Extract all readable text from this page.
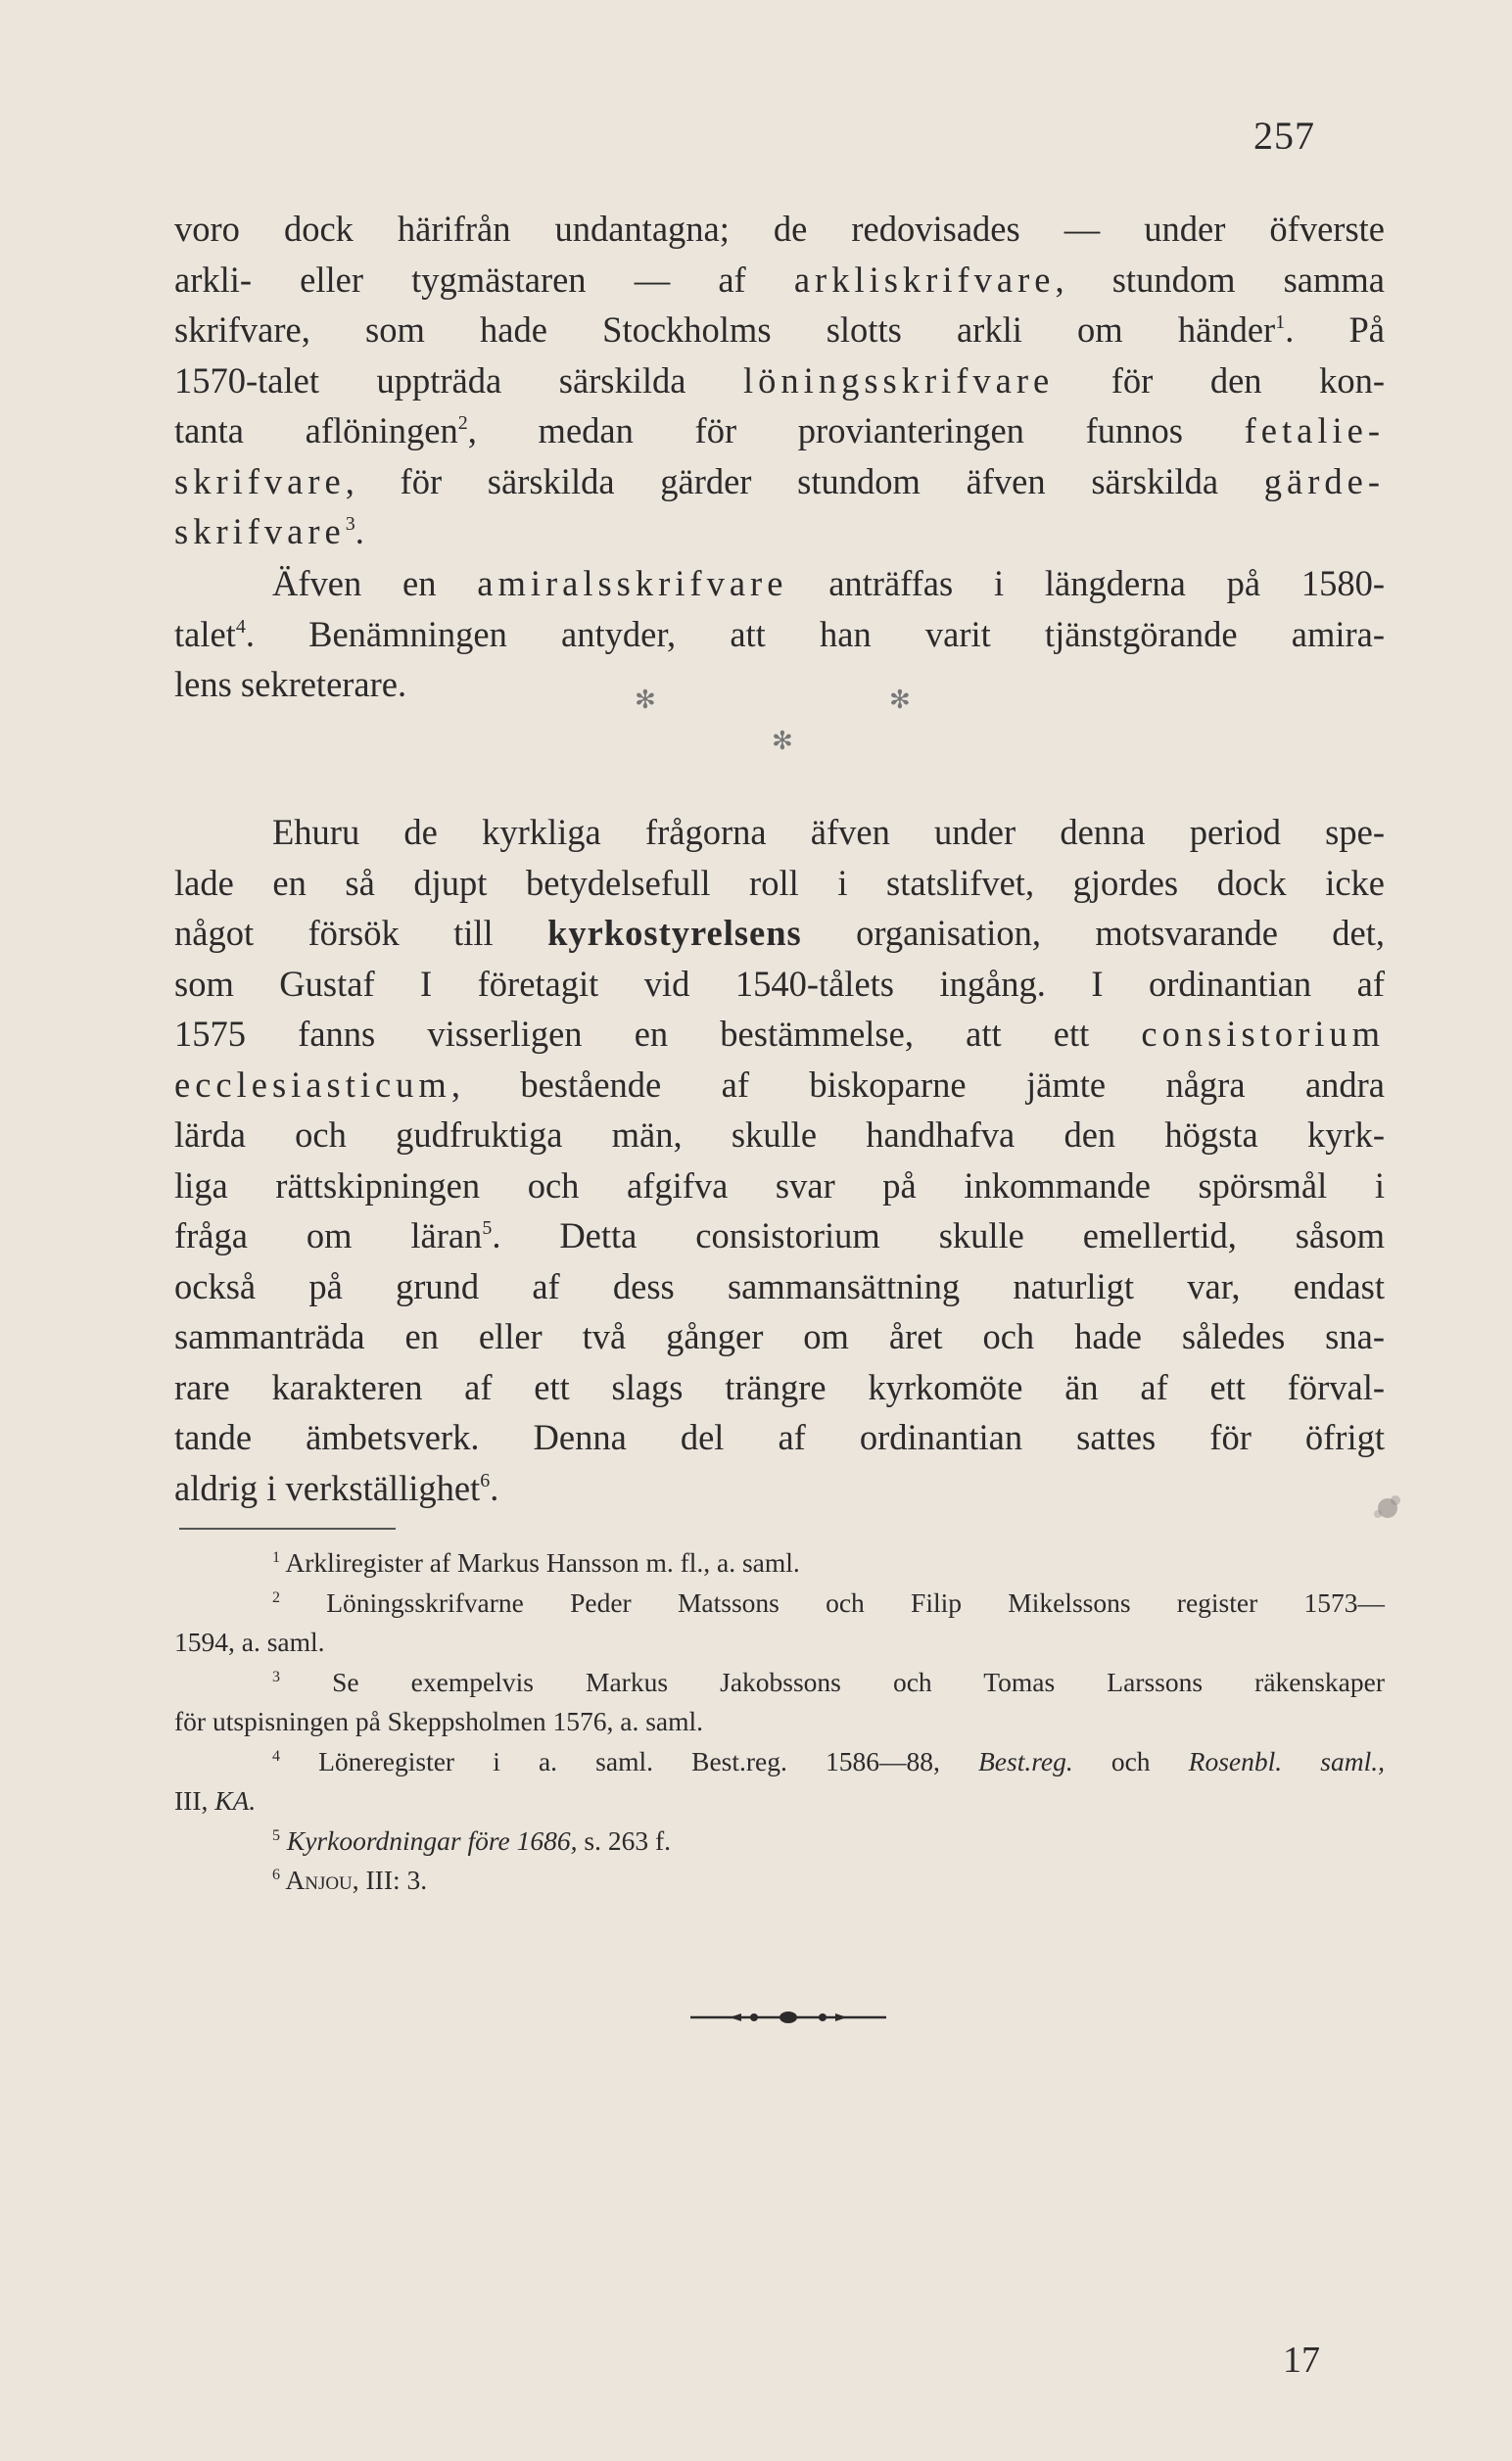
257
voro dock härifrån undantagna; de redovisades — under öfverste
arkli- eller tygmästaren — af arkliskrifvare, stundom samma
skrifvare, som hade Stockholms slotts arkli om händer$^1$. På
1570-talet uppträda särskilda löningsskrifvare för den kon-
tanta aflöningen$^2$, medan för provianteringen funnos fetalie-
skrifvare, för särskilda gärder stundom äfven särskilda gärde-
skrifvare$^3$.
Äfven en amiralsskrifvare anträffas i längderna på 1580-
talet$^4$. Benämningen antyder, att han varit tjänstgörande amira-
lens sekreterare.	✻
✻
✻
Ehuru de kyrkliga frågorna äfven under denna period spe-
lade en så djupt betydelsefull roll i statslifvet, gjordes dock icke
något försök till kyrkostyrelsens organisation, motsvarande det,
som Gustaf I företagit vid 1540-tålets ingång. I ordinantian af
1575 fanns visserligen en bestämmelse, att ett consistorium
ecclesiasticum, bestående af biskoparne jämte några andra
lärda och gudfruktiga män, skulle handhafva den högsta kyrk-
liga rättskipningen och afgifva svar på inkommande spörsmål i
fråga om läran$^5$. Detta consistorium skulle emellertid, såsom
också på grund af dess sammansättning naturligt var, endast
sammanträda en eller två gånger om året och hade således sna-
rare karakteren af ett slags trängre kyrkomöte än af ett förval-
tande ämbetsverk. Denna del af ordinantian sattes för öfrigt
aldrig i verkställighet$^6$.
$^1$ Arkliregister af Markus Hansson m. fl., a. saml.
$^2$ Löningsskrifvarne Peder Matssons och Filip Mikelssons register 1573—
1594, a. saml.
$^3$ Se exempelvis Markus Jakobssons och Tomas Larssons räkenskaper
för utspisningen på Skeppsholmen 1576, a. saml.
$^4$ Löneregister i a. saml. Best.reg. 1586—88, Best.reg. och Rosenbl. saml.,
III, KA.
$^5$ Kyrkoordningar före 1686, s. 263 f.
$^6$ Anjou, III: 3.
17
